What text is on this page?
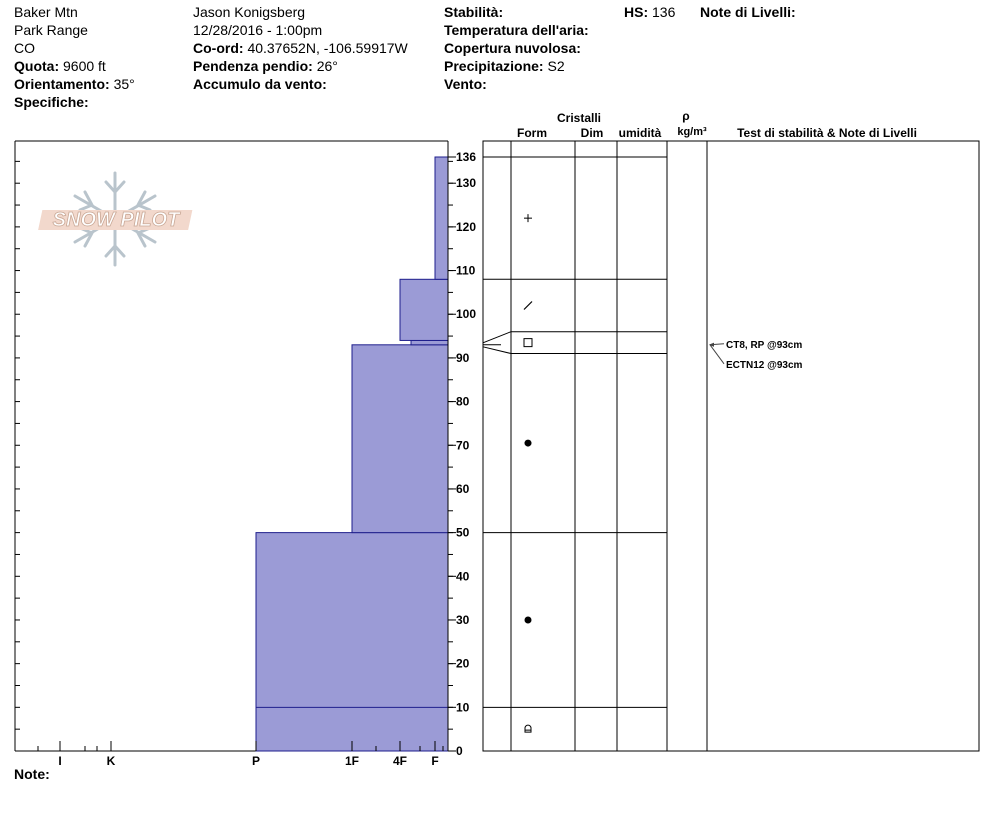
Baker Mtn
Park Range
CO
Quota: 9600 ft
Orientamento: 35°
Specifiche:
Jason Konigsberg
12/28/2016 - 1:00pm
Co-ord: 40.37652N, -106.59917W
Pendenza pendio: 26°
Accumulo da vento:
Stabilità:
Temperatura dell'aria:
Copertura nuvolosa:
Precipitazione: S2
Vento:
HS: 136 Note di Livelli:
Note:
SNOW PILOT
Cristalli
Form	Dim umidità
ρ
kg/m³	Test di stabilità & Note di Livelli
I	K	P	1F	4F F
0
10
20
30
40
50
60
70
80
90
100
110
120
130
136
CT8, RP @93cm
ECTN12 @93cm
